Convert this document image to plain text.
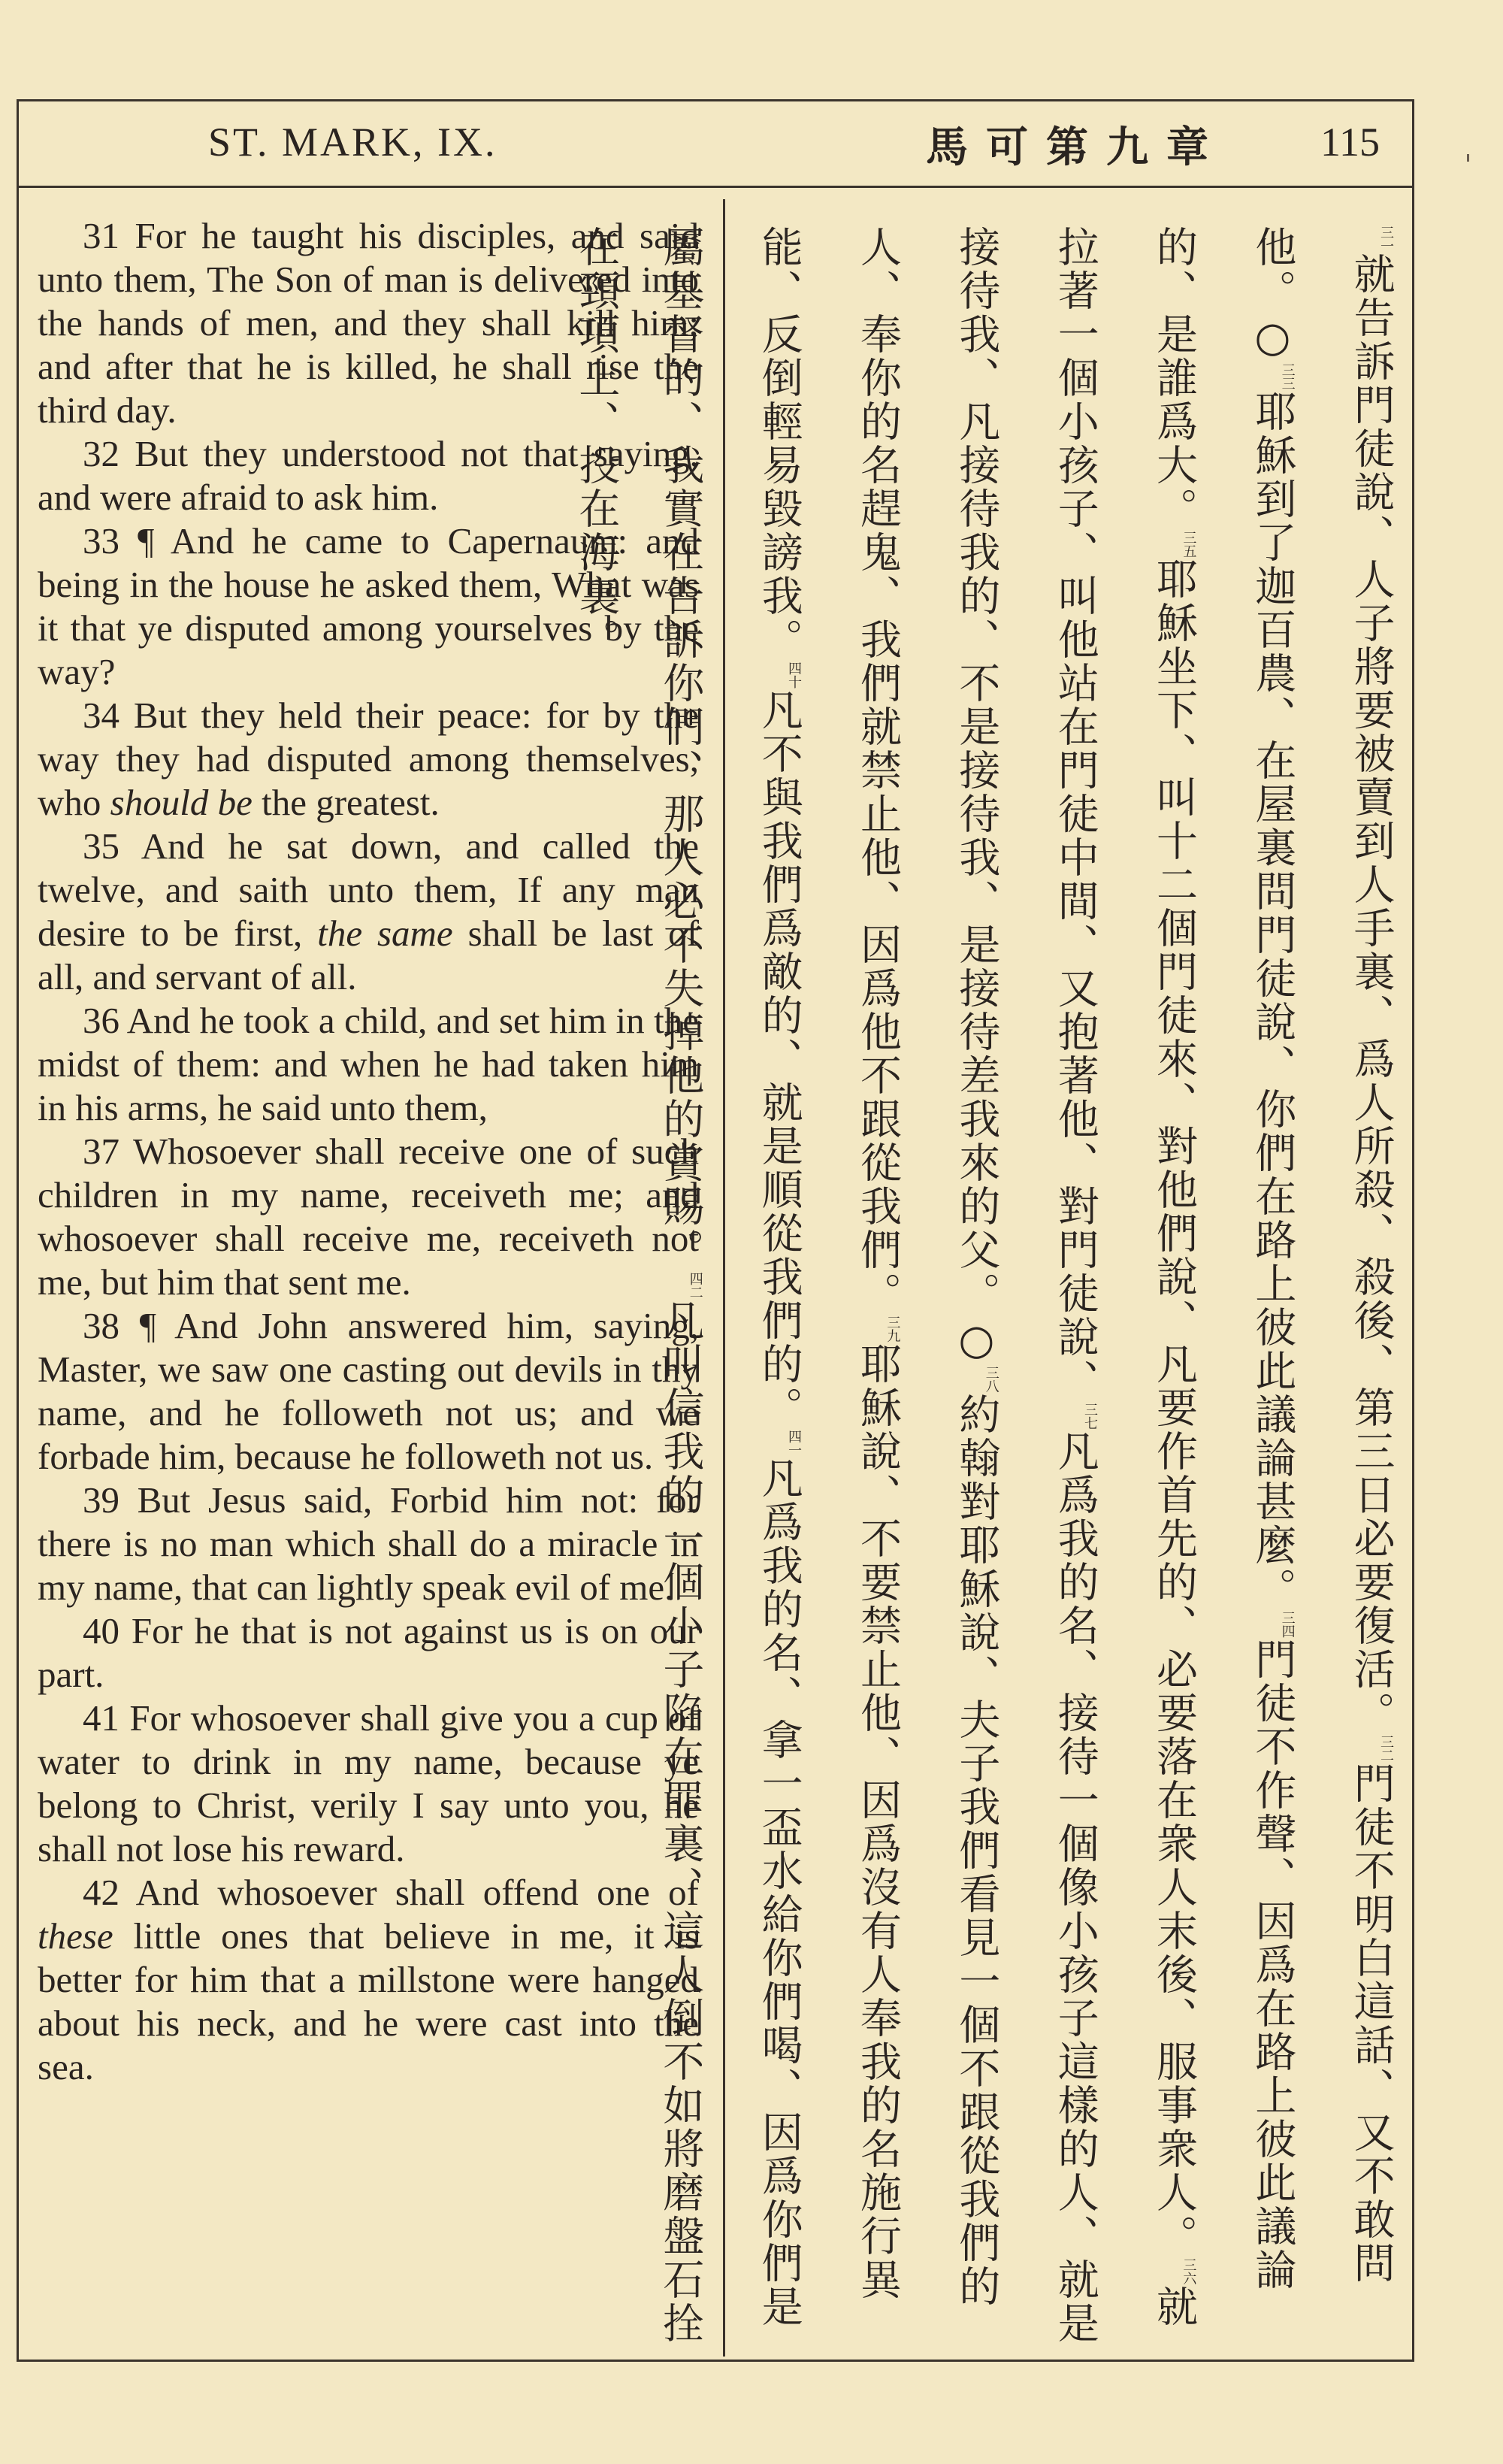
ST. MARK, IX.	馬可第九章 115

31 For he taught his disciples, and said unto them, The Son of man is delivered into the hands of men, and they shall kill him; and after that he is killed, he shall rise the third day.

32 But they understood not that saying, and were afraid to ask him.

33 ¶ And he came to Capernaum: and being in the house he asked them, What was it that ye disputed among yourselves by the way?

34 But they held their peace: for by the way they had disputed among themselves, who should be the greatest.

35 And he sat down, and called the twelve, and saith unto them, If any man desire to be first, the same shall be last of all, and servant of all.

36 And he took a child, and set him in the midst of them: and when he had taken him in his arms, he said unto them,

37 Whosoever shall receive one of such children in my name, receiveth me; and whosoever shall receive me, receiveth not me, but him that sent me.

38 ¶ And John answered him, saying, Master, we saw one casting out devils in thy name, and he followeth not us; and we forbade him, because he followeth not us.

39 But Jesus said, Forbid him not: for there is no man which shall do a miracle in my name, that can lightly speak evil of me.

40 For he that is not against us is on our part.

41 For whosoever shall give you a cup of water to drink in my name, because ye belong to Christ, verily I say unto you, he shall not lose his reward.

42 And whosoever shall offend one of these little ones that believe in me, it is better for him that a millstone were hanged about his neck, and he were cast into the sea.

$^{三一}$就告訴門徒說、人子將要被賣到人手裏、爲人所殺、殺後、第三日必要復活。$^{三二}$門徒不明白這話、又不敢問他。○$^{三三}$耶穌到了迦百農、在屋裏問門徒說、你們在路上彼此議論甚麼。$^{三四}$門徒不作聲、因爲在路上彼此議論的、是誰爲大。$^{三五}$耶穌坐下、叫十二個門徒來、對他們說、凡要作首先的、必要落在衆人末後、服事衆人。$^{三六}$就拉著一個小孩子、叫他站在門徒中間、又抱著他、對門徒說、$^{三七}$凡爲我的名、接待一個像小孩子這樣的人、就是接待我、凡接待我的、不是接待我、是接待差我來的父。○$^{三八}$約翰對耶穌說、夫子我們看見一個不跟從我們的人、奉你的名趕鬼、我們就禁止他、因爲他不跟從我們。$^{三九}$耶穌說、不要禁止他、因爲沒有人奉我的名施行異能、反倒輕易毀謗我。$^{四十}$凡不與我們爲敵的、就是順從我們的。$^{四一}$凡爲我的名、拿一盃水給你們喝、因爲你們是屬基督的、我實在告訴你們、那人必不失掉他的賞賜。$^{四二}$凡叫信我的一個小子陷在罪裏、這人倒不如將磨盤石拴在頸項上、投在海裏。
